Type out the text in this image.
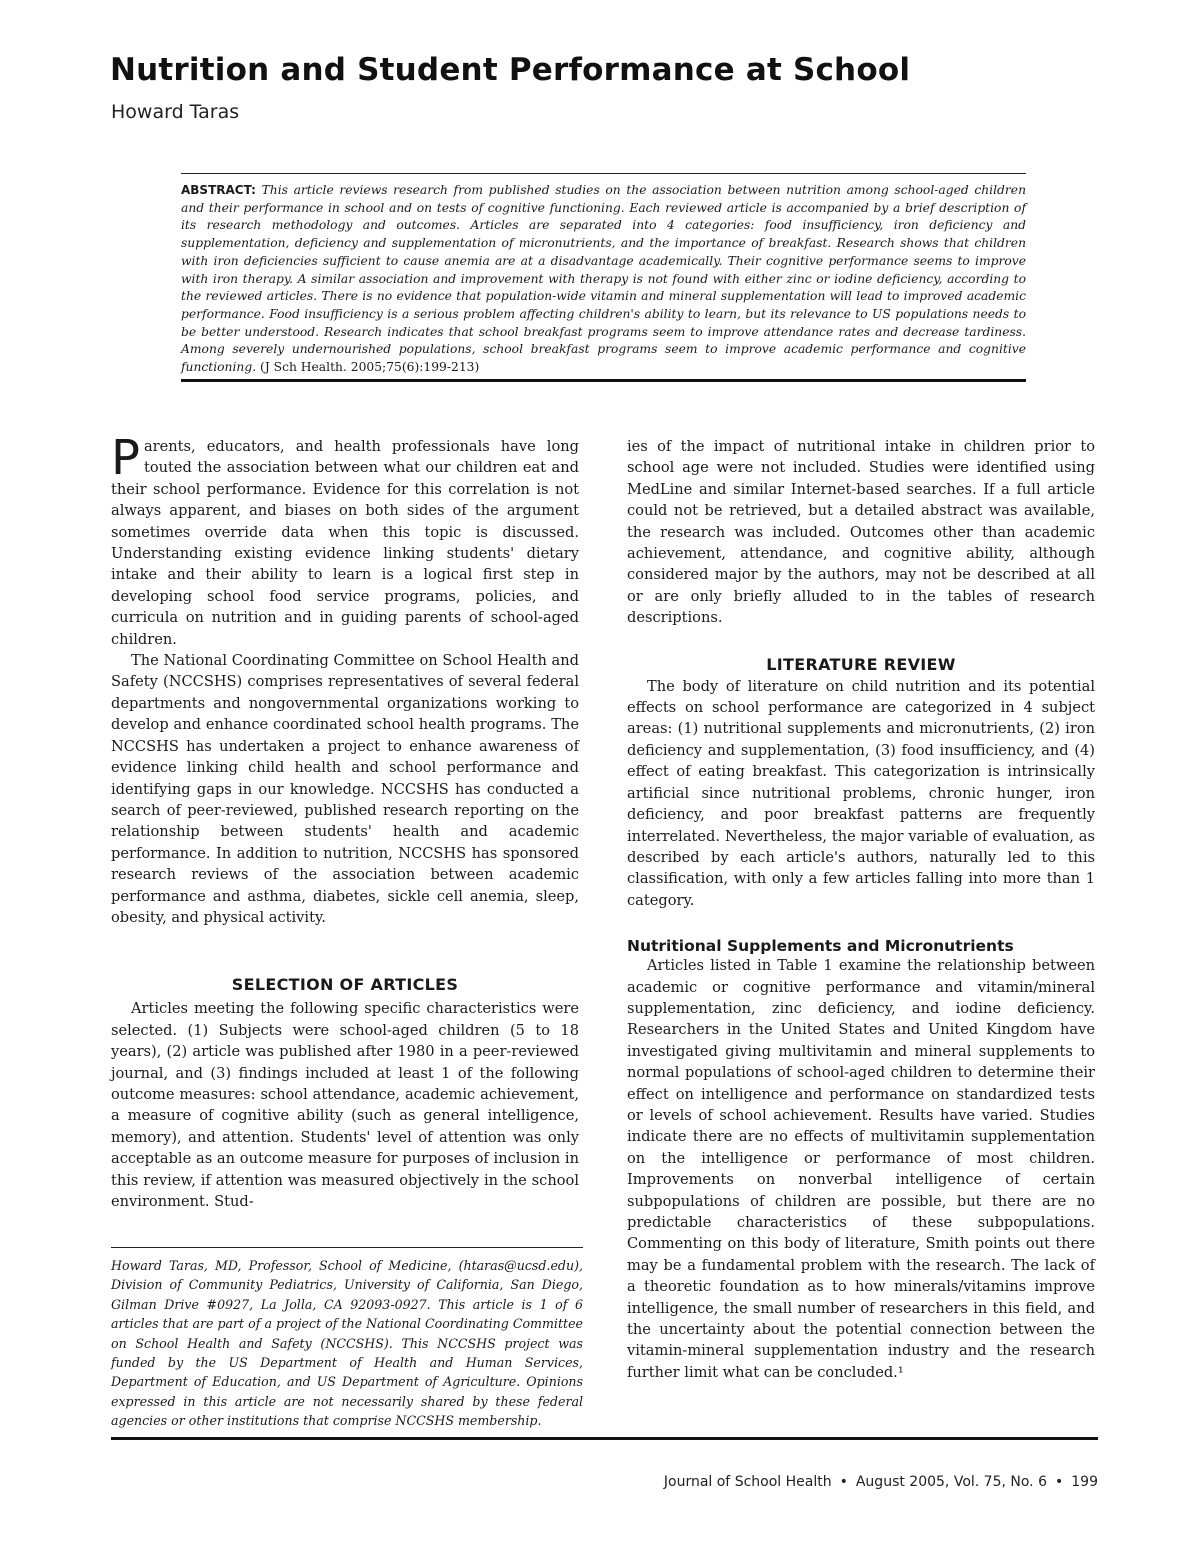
Nutrition and Student Performance at School
Howard Taras

ABSTRACT: This article reviews research from published studies on the association between nutrition among school-aged children and their performance in school and on tests of cognitive functioning. Each reviewed article is accompanied by a brief description of its research methodology and outcomes. Articles are separated into 4 categories: food insufficiency, iron deficiency and supplementation, deficiency and supplementation of micronutrients, and the importance of breakfast. Research shows that children with iron deficiencies sufficient to cause anemia are at a disadvantage academically. Their cognitive performance seems to improve with iron therapy. A similar association and improvement with therapy is not found with either zinc or iodine deficiency, according to the reviewed articles. There is no evidence that population-wide vitamin and mineral supplementation will lead to improved academic performance. Food insufficiency is a serious problem affecting children's ability to learn, but its relevance to US populations needs to be better understood. Research indicates that school breakfast programs seem to improve attendance rates and decrease tardiness. Among severely undernourished populations, school breakfast programs seem to improve academic performance and cognitive functioning. (J Sch Health. 2005;75(6):199-213)

Parents, educators, and health professionals have long touted the association between what our children eat and their school performance. Evidence for this correlation is not always apparent, and biases on both sides of the argument sometimes override data when this topic is discussed. Understanding existing evidence linking students' dietary intake and their ability to learn is a logical first step in developing school food service programs, policies, and curricula on nutrition and in guiding parents of school-aged children.

The National Coordinating Committee on School Health and Safety (NCCSHS) comprises representatives of several federal departments and nongovernmental organizations working to develop and enhance coordinated school health programs. The NCCSHS has undertaken a project to enhance awareness of evidence linking child health and school performance and identifying gaps in our knowledge. NCCSHS has conducted a search of peer-reviewed, published research reporting on the relationship between students' health and academic performance. In addition to nutrition, NCCSHS has sponsored research reviews of the association between academic performance and asthma, diabetes, sickle cell anemia, sleep, obesity, and physical activity.

SELECTION OF ARTICLES

Articles meeting the following specific characteristics were selected. (1) Subjects were school-aged children (5 to 18 years), (2) article was published after 1980 in a peer-reviewed journal, and (3) findings included at least 1 of the following outcome measures: school attendance, academic achievement, a measure of cognitive ability (such as general intelligence, memory), and attention. Students' level of attention was only acceptable as an outcome measure for purposes of inclusion in this review, if attention was measured objectively in the school environment. Stud-

Howard Taras, MD, Professor, School of Medicine, (htaras@ucsd.edu), Division of Community Pediatrics, University of California, San Diego, Gilman Drive #0927, La Jolla, CA 92093-0927. This article is 1 of 6 articles that are part of a project of the National Coordinating Committee on School Health and Safety (NCCSHS). This NCCSHS project was funded by the US Department of Health and Human Services, Department of Education, and US Department of Agriculture. Opinions expressed in this article are not necessarily shared by these federal agencies or other institutions that comprise NCCSHS membership.

ies of the impact of nutritional intake in children prior to school age were not included. Studies were identified using MedLine and similar Internet-based searches. If a full article could not be retrieved, but a detailed abstract was available, the research was included. Outcomes other than academic achievement, attendance, and cognitive ability, although considered major by the authors, may not be described at all or are only briefly alluded to in the tables of research descriptions.

LITERATURE REVIEW

The body of literature on child nutrition and its potential effects on school performance are categorized in 4 subject areas: (1) nutritional supplements and micronutrients, (2) iron deficiency and supplementation, (3) food insufficiency, and (4) effect of eating breakfast. This categorization is intrinsically artificial since nutritional problems, chronic hunger, iron deficiency, and poor breakfast patterns are frequently interrelated. Nevertheless, the major variable of evaluation, as described by each article's authors, naturally led to this classification, with only a few articles falling into more than 1 category.

Nutritional Supplements and Micronutrients

Articles listed in Table 1 examine the relationship between academic or cognitive performance and vitamin/mineral supplementation, zinc deficiency, and iodine deficiency. Researchers in the United States and United Kingdom have investigated giving multivitamin and mineral supplements to normal populations of school-aged children to determine their effect on intelligence and performance on standardized tests or levels of school achievement. Results have varied. Studies indicate there are no effects of multivitamin supplementation on the intelligence or performance of most children. Improvements on nonverbal intelligence of certain subpopulations of children are possible, but there are no predictable characteristics of these subpopulations. Commenting on this body of literature, Smith points out there may be a fundamental problem with the research. The lack of a theoretic foundation as to how minerals/vitamins improve intelligence, the small number of researchers in this field, and the uncertainty about the potential connection between the vitamin-mineral supplementation industry and the research further limit what can be concluded.¹

Journal of School Health • August 2005, Vol. 75, No. 6 • 199
